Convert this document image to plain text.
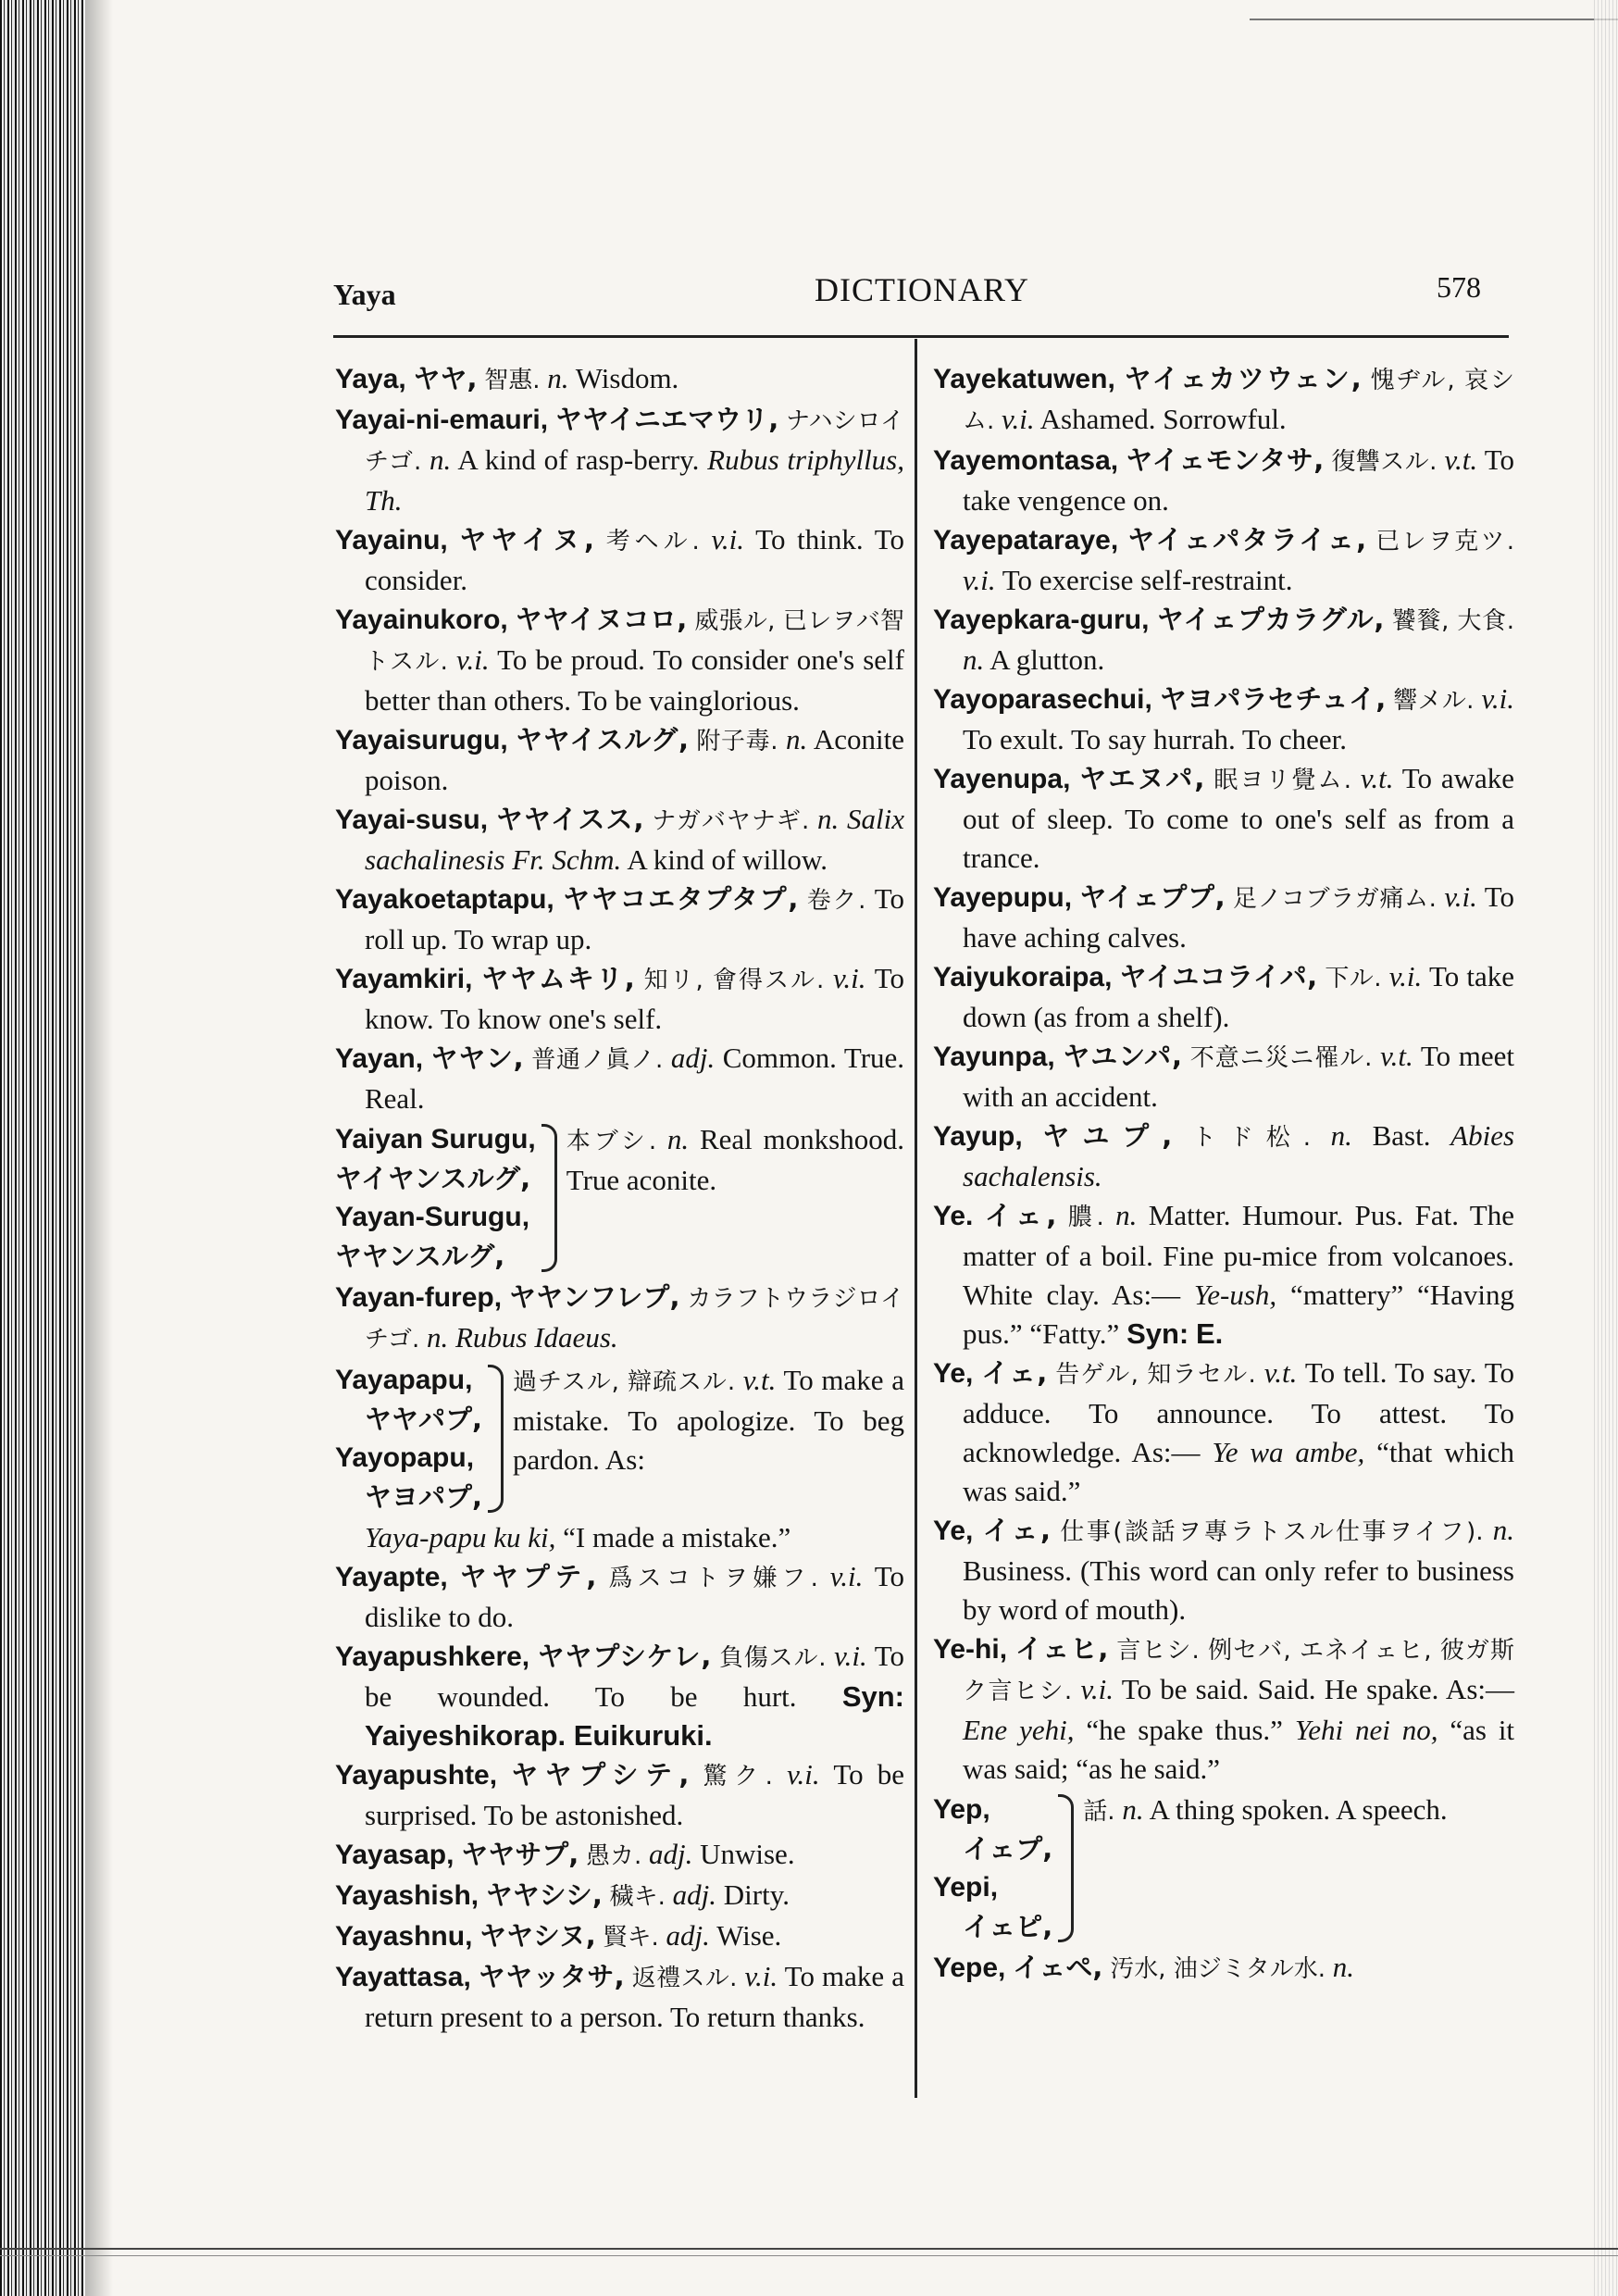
Yaya	DICTIONARY	578

Yaya, ヤヤ, 智惠. n. Wisdom.

Yayai-ni-emauri, ヤヤイニエマウリ, ナハシロイチゴ. n. A kind of rasp-berry. Rubus triphyllus, Th.

Yayainu, ヤヤイヌ, 考ヘル. v.i. To think. To consider.

Yayainukoro, ヤヤイヌコロ, 威張ル, 已レヲバ智トスル. v.i. To be proud. To consider one's self better than others. To be vainglorious.

Yayaisurugu, ヤヤイスルグ, 附子毒. n. Aconite poison.

Yayai-susu, ヤヤイスス, ナガバヤナギ. n. Salix sachalinesis Fr. Schm. A kind of willow.

Yayakoetaptapu, ヤヤコエタプタプ, 卷ク. To roll up. To wrap up.

Yayamkiri, ヤヤムキリ, 知リ, 會得スル. v.i. To know. To know one's self.

Yayan, ヤヤン, 普通ノ眞ノ. adj. Common. True. Real.

Yaiyan Surugu,
ヤイヤンスルグ,
Yayan-Surugu,
ヤヤンスルグ,
本ブシ. n. Real monkshood. True aconite.

Yayan-furep, ヤヤンフレプ, カラフトウラジロイチゴ. n. Rubus Idaeus.

Yayapapu,
ヤヤパプ,
Yayopapu,
ヤヨパプ,
過チスル, 辯疏スル. v.t. To make a mistake. To apologize. To beg pardon. As:

Yaya-papu ku ki, “I made a mistake.”

Yayapte, ヤヤプテ, 爲スコトヲ嫌フ. v.i. To dislike to do.

Yayapushkere, ヤヤプシケレ, 負傷スル. v.i. To be wounded. To be hurt. Syn: Yaiyeshikorap. Euikuruki.

Yayapushte, ヤヤプシテ, 驚ク. v.i. To be surprised. To be astonished.

Yayasap, ヤヤサプ, 愚カ. adj. Unwise.

Yayashish, ヤヤシシ, 穢キ. adj. Dirty.

Yayashnu, ヤヤシヌ, 賢キ. adj. Wise.

Yayattasa, ヤヤッタサ, 返禮スル. v.i. To make a return present to a person. To return thanks.

Yayekatuwen, ヤイェカツウェン, 愧ヂル, 哀シム. v.i. Ashamed. Sorrowful.

Yayemontasa, ヤイェモンタサ, 復讐スル. v.t. To take vengence on.

Yayepataraye, ヤイェパタライェ, 已レヲ克ツ. v.i. To exercise self-restraint.

Yayepkara-guru, ヤイェプカラグル, 饕餮, 大食. n. A glutton.

Yayoparasechui, ヤヨパラセチュイ, 響メル. v.i. To exult. To say hurrah. To cheer.

Yayenupa, ヤエヌパ, 眠ヨリ覺ム. v.t. To awake out of sleep. To come to one's self as from a trance.

Yayepupu, ヤイェププ, 足ノコブラガ痛ム. v.i. To have aching calves.

Yaiyukoraipa, ヤイユコライパ, 下ル. v.i. To take down (as from a shelf).

Yayunpa, ヤユンパ, 不意ニ災ニ罹ル. v.t. To meet with an accident.

Yayup, ヤユプ, トド松. n. Bast. Abies sachalensis.

Ye. イェ, 膿. n. Matter. Humour. Pus. Fat. The matter of a boil. Fine pu-mice from volcanoes. White clay. As:— Ye-ush, “mattery” “Having pus.” “Fatty.” Syn: E.

Ye, イェ, 告ゲル, 知ラセル. v.t. To tell. To say. To adduce. To announce. To attest. To acknowledge. As:— Ye wa ambe, “that which was said.”

Ye, イェ, 仕事(談話ヲ專ラトスル仕事ヲイフ). n. Business. (This word can only refer to business by word of mouth).

Ye-hi, イェヒ, 言ヒシ. 例セバ, エネイェヒ, 彼ガ斯ク言ヒシ. v.i. To be said. Said. He spake. As:— Ene yehi, “he spake thus.” Yehi nei no, “as it was said; “as he said.”

Yep,
イェプ,
Yepi,
イェピ,
話. n. A thing spoken. A speech.

Yepe, イェペ, 汚水, 油ジミタル水. n.
